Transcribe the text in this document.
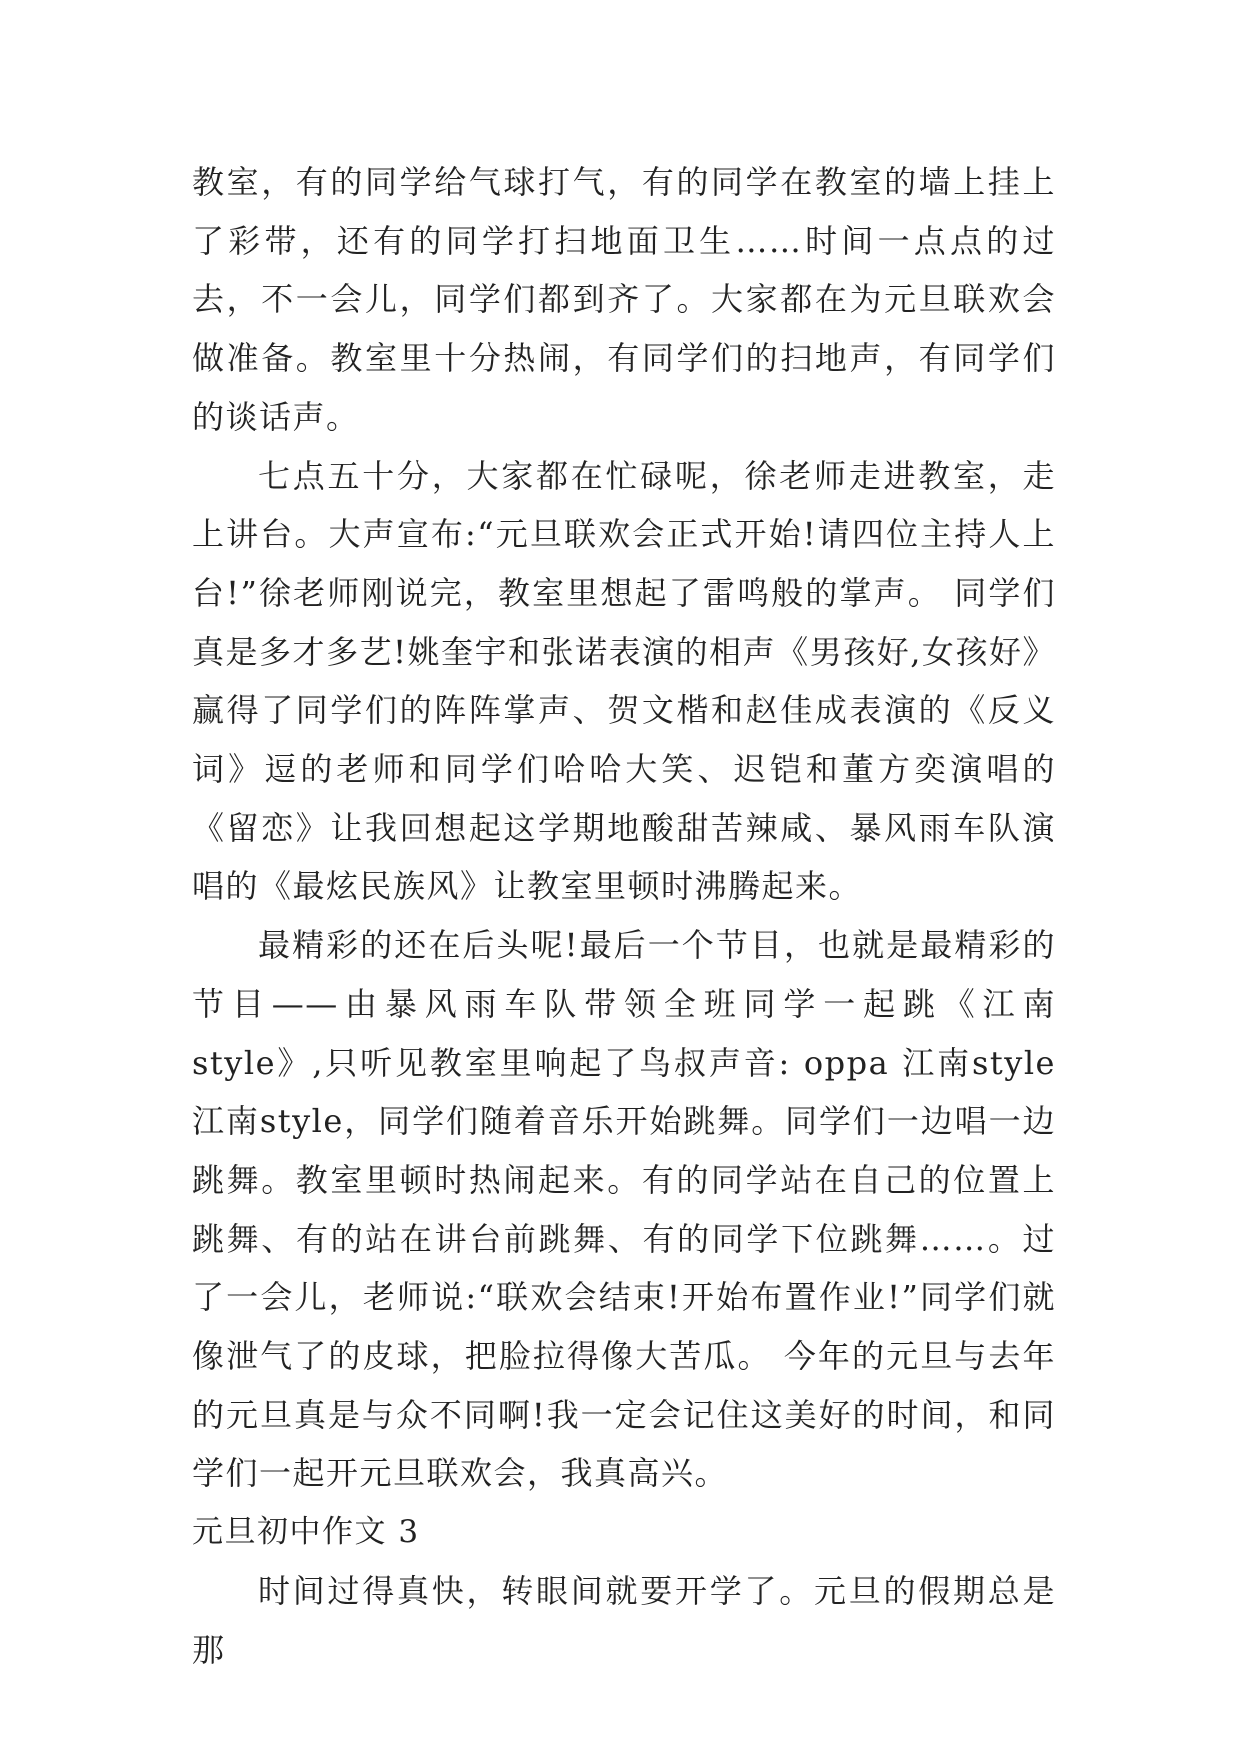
教室，有的同学给气球打气，有的同学在教室的墙上挂上了彩带，还有的同学打扫地面卫生……时间一点点的过去，不一会儿，同学们都到齐了。大家都在为元旦联欢会做准备。教室里十分热闹，有同学们的扫地声，有同学们的谈话声。

七点五十分，大家都在忙碌呢，徐老师走进教室，走上讲台。大声宣布:“元旦联欢会正式开始!请四位主持人上台!”徐老师刚说完，教室里想起了雷鸣般的掌声。 同学们真是多才多艺!姚奎宇和张诺表演的相声《男孩好,女孩好》赢得了同学们的阵阵掌声、贺文楷和赵佳成表演的《反义词》逗的老师和同学们哈哈大笑、迟铠和董方奕演唱的《留恋》让我回想起这学期地酸甜苦辣咸、暴风雨车队演唱的《最炫民族风》让教室里顿时沸腾起来。

最精彩的还在后头呢!最后一个节目，也就是最精彩的节目——由暴风雨车队带领全班同学一起跳《江南 style》,只听见教室里响起了鸟叔声音: oppa 江南style 江南style，同学们随着音乐开始跳舞。同学们一边唱一边跳舞。教室里顿时热闹起来。有的同学站在自己的位置上跳舞、有的站在讲台前跳舞、有的同学下位跳舞……。过了一会儿，老师说:“联欢会结束!开始布置作业!”同学们就像泄气了的皮球，把脸拉得像大苦瓜。 今年的元旦与去年的元旦真是与众不同啊!我一定会记住这美好的时间，和同学们一起开元旦联欢会，我真高兴。

元旦初中作文 3

时间过得真快，转眼间就要开学了。元旦的假期总是那
